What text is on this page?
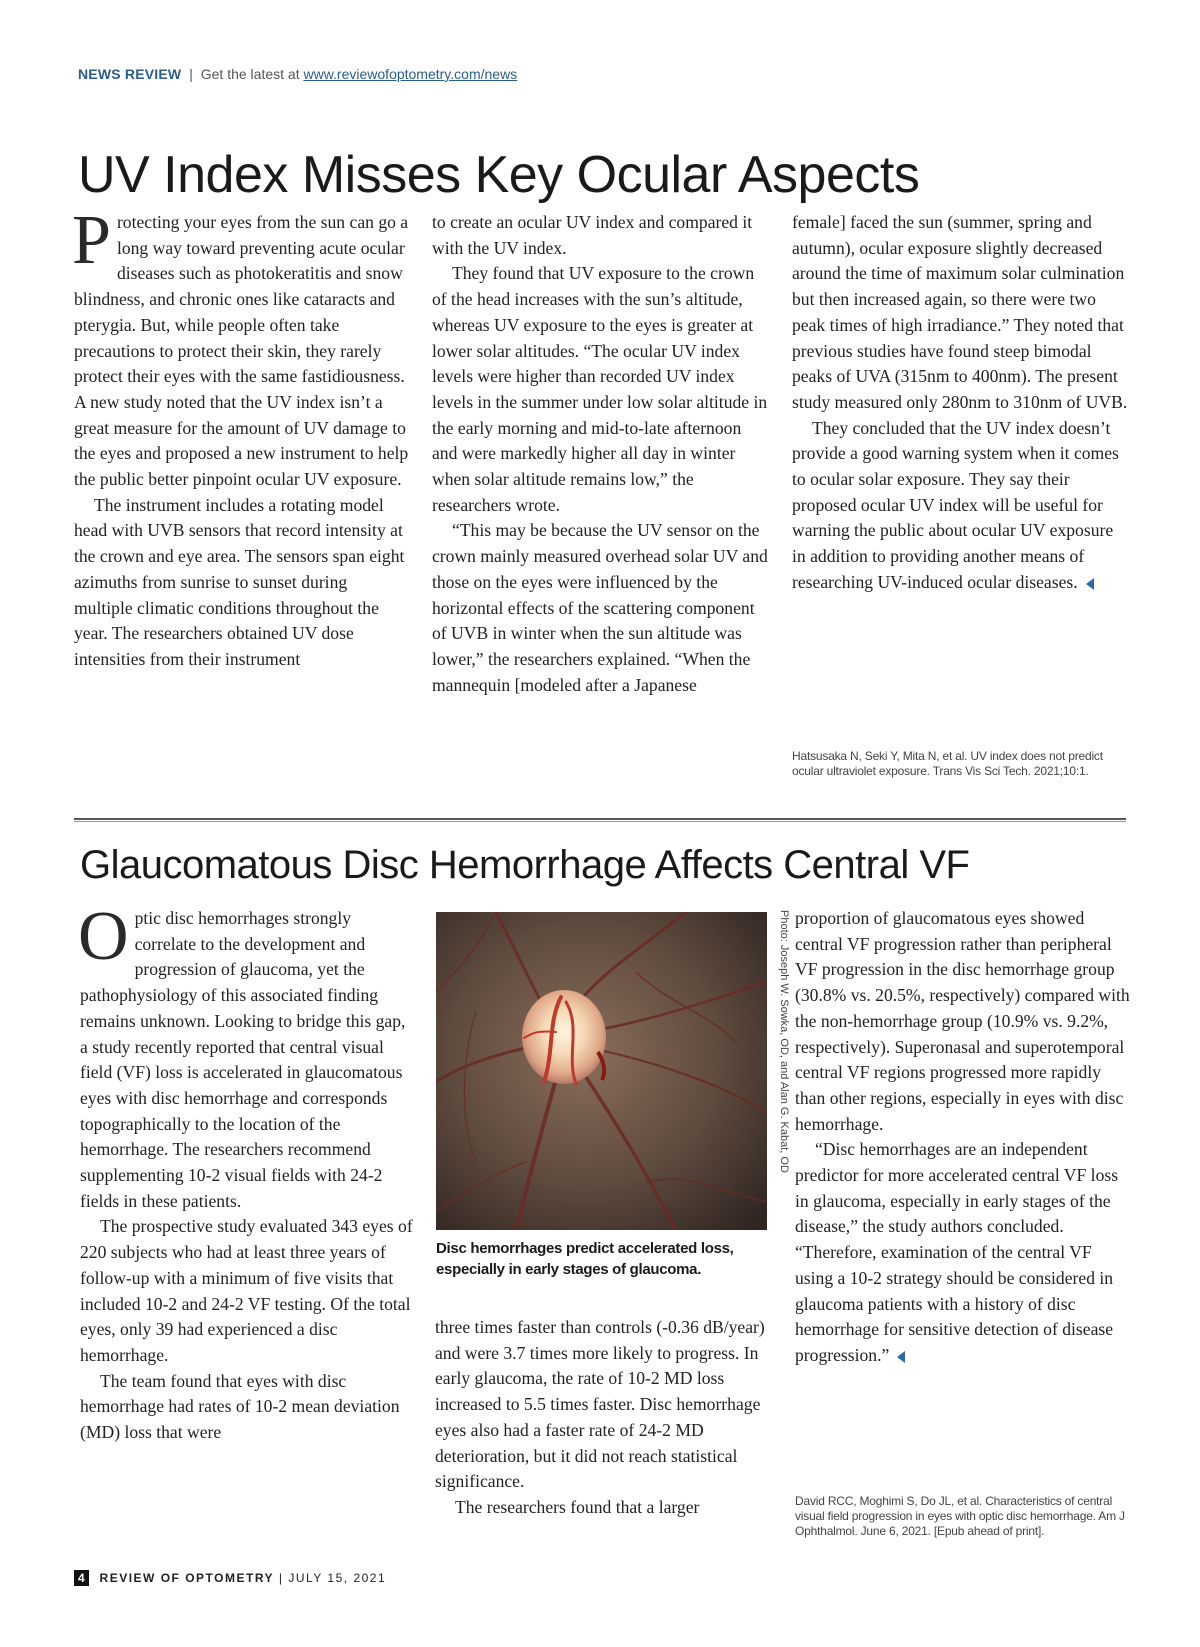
NEWS REVIEW | Get the latest at www.reviewofoptometry.com/news
UV Index Misses Key Ocular Aspects
P rotecting your eyes from the sun can go a long way toward preventing acute ocular diseases such as photokeratitis and snow blindness, and chronic ones like cataracts and pterygia. But, while people often take precautions to protect their skin, they rarely protect their eyes with the same fastidiousness. A new study noted that the UV index isn’t a great measure for the amount of UV damage to the eyes and proposed a new instrument to help the public better pinpoint ocular UV exposure.

The instrument includes a rotating model head with UVB sensors that record intensity at the crown and eye area. The sensors span eight azimuths from sunrise to sunset during multiple climatic conditions throughout the year. The researchers obtained UV dose intensities from their instrument

to create an ocular UV index and compared it with the UV index.

They found that UV exposure to the crown of the head increases with the sun’s altitude, whereas UV exposure to the eyes is greater at lower solar altitudes. “The ocular UV index levels were higher than recorded UV index levels in the summer under low solar altitude in the early morning and mid-to-late afternoon and were markedly higher all day in winter when solar altitude remains low,” the researchers wrote.

“This may be because the UV sensor on the crown mainly measured overhead solar UV and those on the eyes were influenced by the horizontal effects of the scattering component of UVB in winter when the sun altitude was lower,” the researchers explained. “When the mannequin [modeled after a Japanese

female] faced the sun (summer, spring and autumn), ocular exposure slightly decreased around the time of maximum solar culmination but then increased again, so there were two peak times of high irradiance.” They noted that previous studies have found steep bimodal peaks of UVA (315nm to 400nm). The present study measured only 280nm to 310nm of UVB.

They concluded that the UV index doesn’t provide a good warning system when it comes to ocular solar exposure. They say their proposed ocular UV index will be useful for warning the public about ocular UV exposure in addition to providing another means of researching UV-induced ocular diseases.

Hatsusaka N, Seki Y, Mita N, et al. UV index does not predict ocular ultraviolet exposure. Trans Vis Sci Tech. 2021;10:1.
Glaucomatous Disc Hemorrhage Affects Central VF
O ptic disc hemorrhages strongly correlate to the development and progression of glaucoma, yet the pathophysiology of this associated finding remains unknown. Looking to bridge this gap, a study recently reported that central visual field (VF) loss is accelerated in glaucomatous eyes with disc hemorrhage and corresponds topographically to the location of the hemorrhage. The researchers recommend supplementing 10-2 visual fields with 24-2 fields in these patients.

The prospective study evaluated 343 eyes of 220 subjects who had at least three years of follow-up with a minimum of five visits that included 10-2 and 24-2 VF testing. Of the total eyes, only 39 had experienced a disc hemorrhage.

The team found that eyes with disc hemorrhage had rates of 10-2 mean deviation (MD) loss that were

Photo: Joseph W. Sowka, OD, and Alan G. Kabat, OD
Disc hemorrhages predict accelerated loss, especially in early stages of glaucoma.

three times faster than controls (-0.36 dB/year) and were 3.7 times more likely to progress. In early glaucoma, the rate of 10-2 MD loss increased to 5.5 times faster. Disc hemorrhage eyes also had a faster rate of 24-2 MD deterioration, but it did not reach statistical significance.

The researchers found that a larger

proportion of glaucomatous eyes showed central VF progression rather than peripheral VF progression in the disc hemorrhage group (30.8% vs. 20.5%, respectively) compared with the non-hemorrhage group (10.9% vs. 9.2%, respectively). Superonasal and superotemporal central VF regions progressed more rapidly than other regions, especially in eyes with disc hemorrhage.

“Disc hemorrhages are an independent predictor for more accelerated central VF loss in glaucoma, especially in early stages of the disease,” the study authors concluded. “Therefore, examination of the central VF using a 10-2 strategy should be considered in glaucoma patients with a history of disc hemorrhage for sensitive detection of disease progression.”

David RCC, Moghimi S, Do JL, et al. Characteristics of central visual field progression in eyes with optic disc hemorrhage. Am J Ophthalmol. June 6, 2021. [Epub ahead of print].
4 REVIEW OF OPTOMETRY | JULY 15, 2021
